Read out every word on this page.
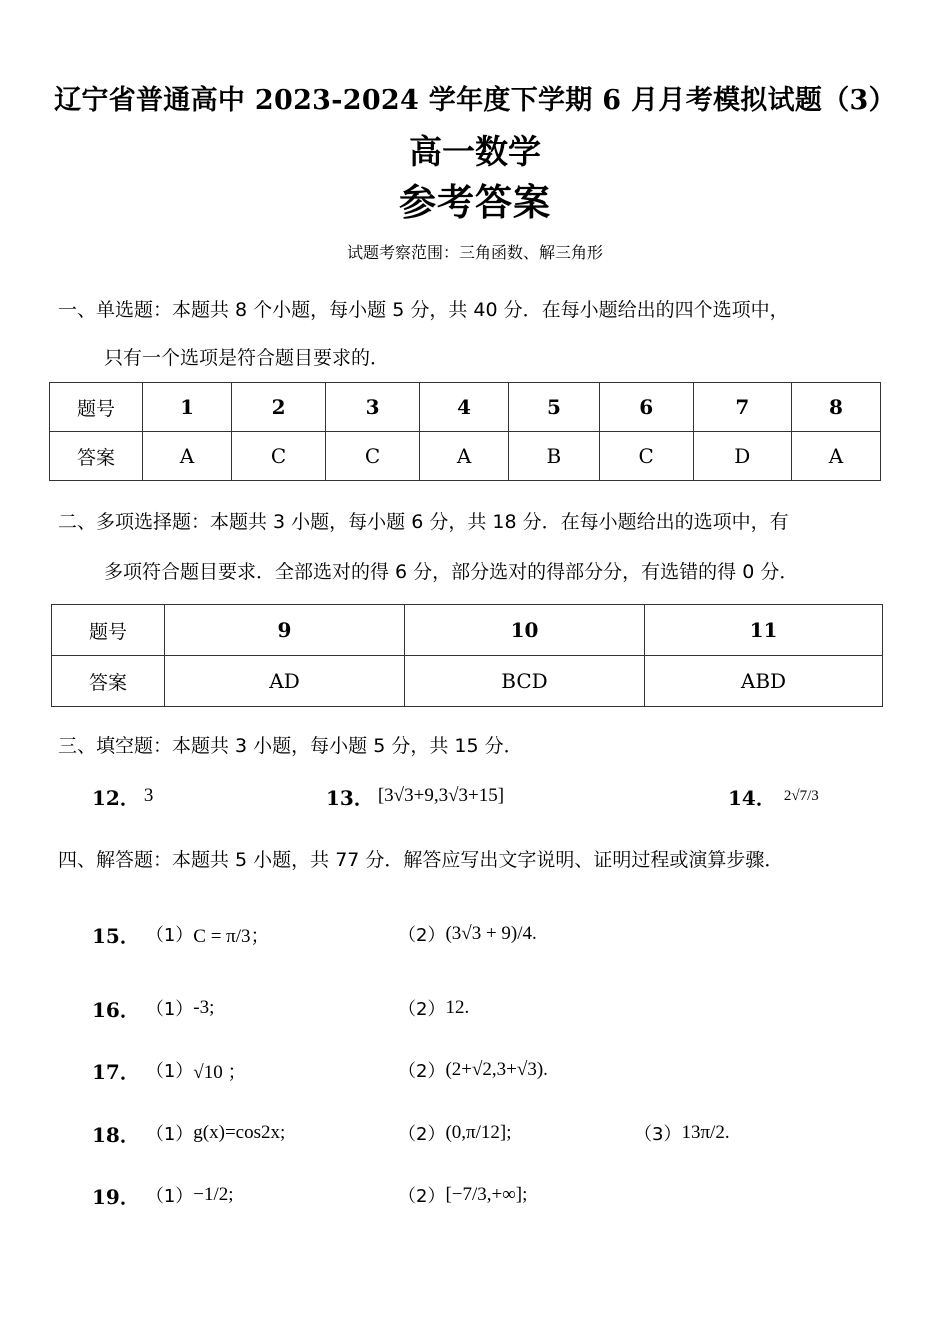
辽宁省普通高中 2023-2024 学年度下学期 6 月月考模拟试题（3）
高一数学
参考答案
试题考察范围：三角函数、解三角形
一、单选题：本题共 8 个小题，每小题 5 分，共 40 分．在每小题给出的四个选项中，
只有一个选项是符合题目要求的．
题号	1	2	3	4	5	6	7	8
答案	A	C	C	A	B	C	D	A
二、多项选择题：本题共 3 小题，每小题 6 分，共 18 分．在每小题给出的选项中，有
多项符合题目要求．全部选对的得 6 分，部分选对的得部分分，有选错的得 0 分．
题号	9	10	11
答案	AD	BCD	ABD
三、填空题：本题共 3 小题，每小题 5 分，共 15 分．
12． 3	13． [3√3+9,3√3+15]	14． 2√7/3
四、解答题：本题共 5 小题，共 77 分．解答应写出文字说明、证明过程或演算步骤．
15． （1） C = π/3；	（2） (3√3 + 9)/4.
16． （1） -3;	（2） 12.
17． （1） √10 ；	（2） (2+√2,3+√3).
18． （1） g(x)=cos2x;	（2） (0,π/12];	（3） 13π/2.
19． （1） −1/2;	（2） [−7/3,+∞];
